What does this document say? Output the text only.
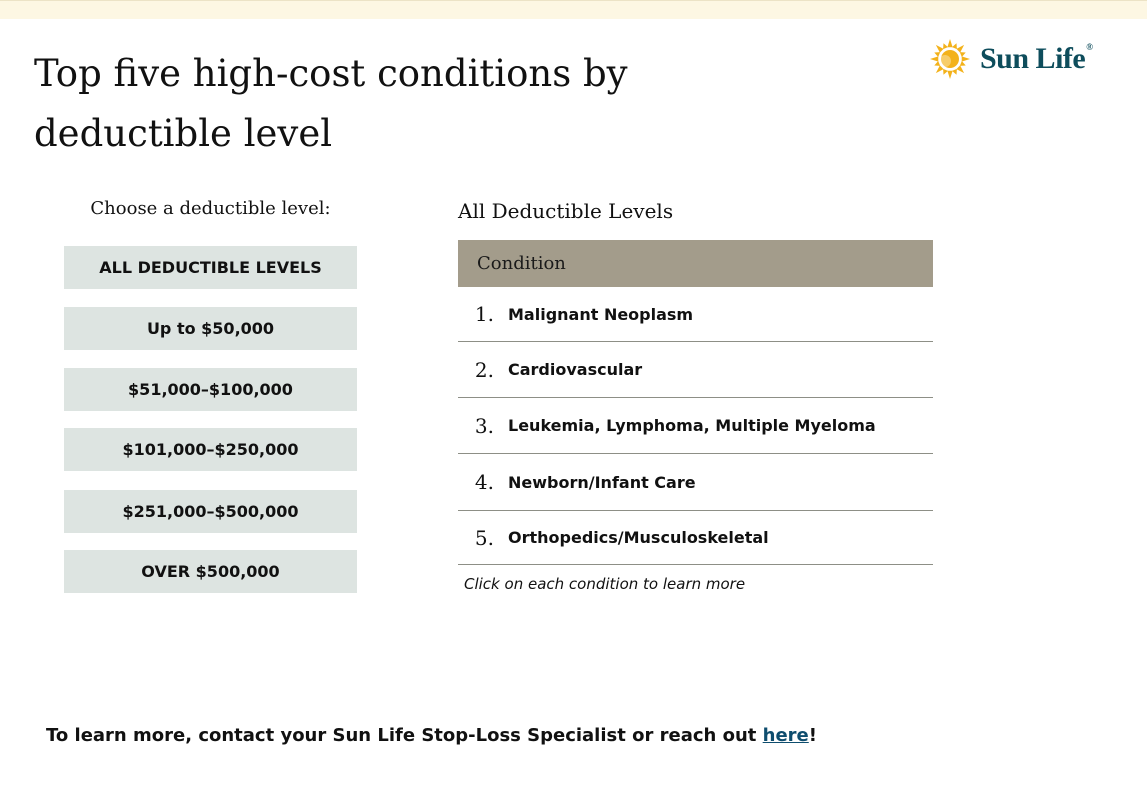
Top five high-cost conditions by deductible level
Sun Life®
Choose a deductible level:
ALL DEDUCTIBLE LEVELS
Up to $50,000
$51,000–$100,000
$101,000–$250,000
$251,000–$500,000
OVER $500,000
All Deductible Levels
Condition
1. Malignant Neoplasm
2. Cardiovascular
3. Leukemia, Lymphoma, Multiple Myeloma
4. Newborn/Infant Care
5. Orthopedics/Musculoskeletal
Click on each condition to learn more
To learn more, contact your Sun Life Stop-Loss Specialist or reach out here!
